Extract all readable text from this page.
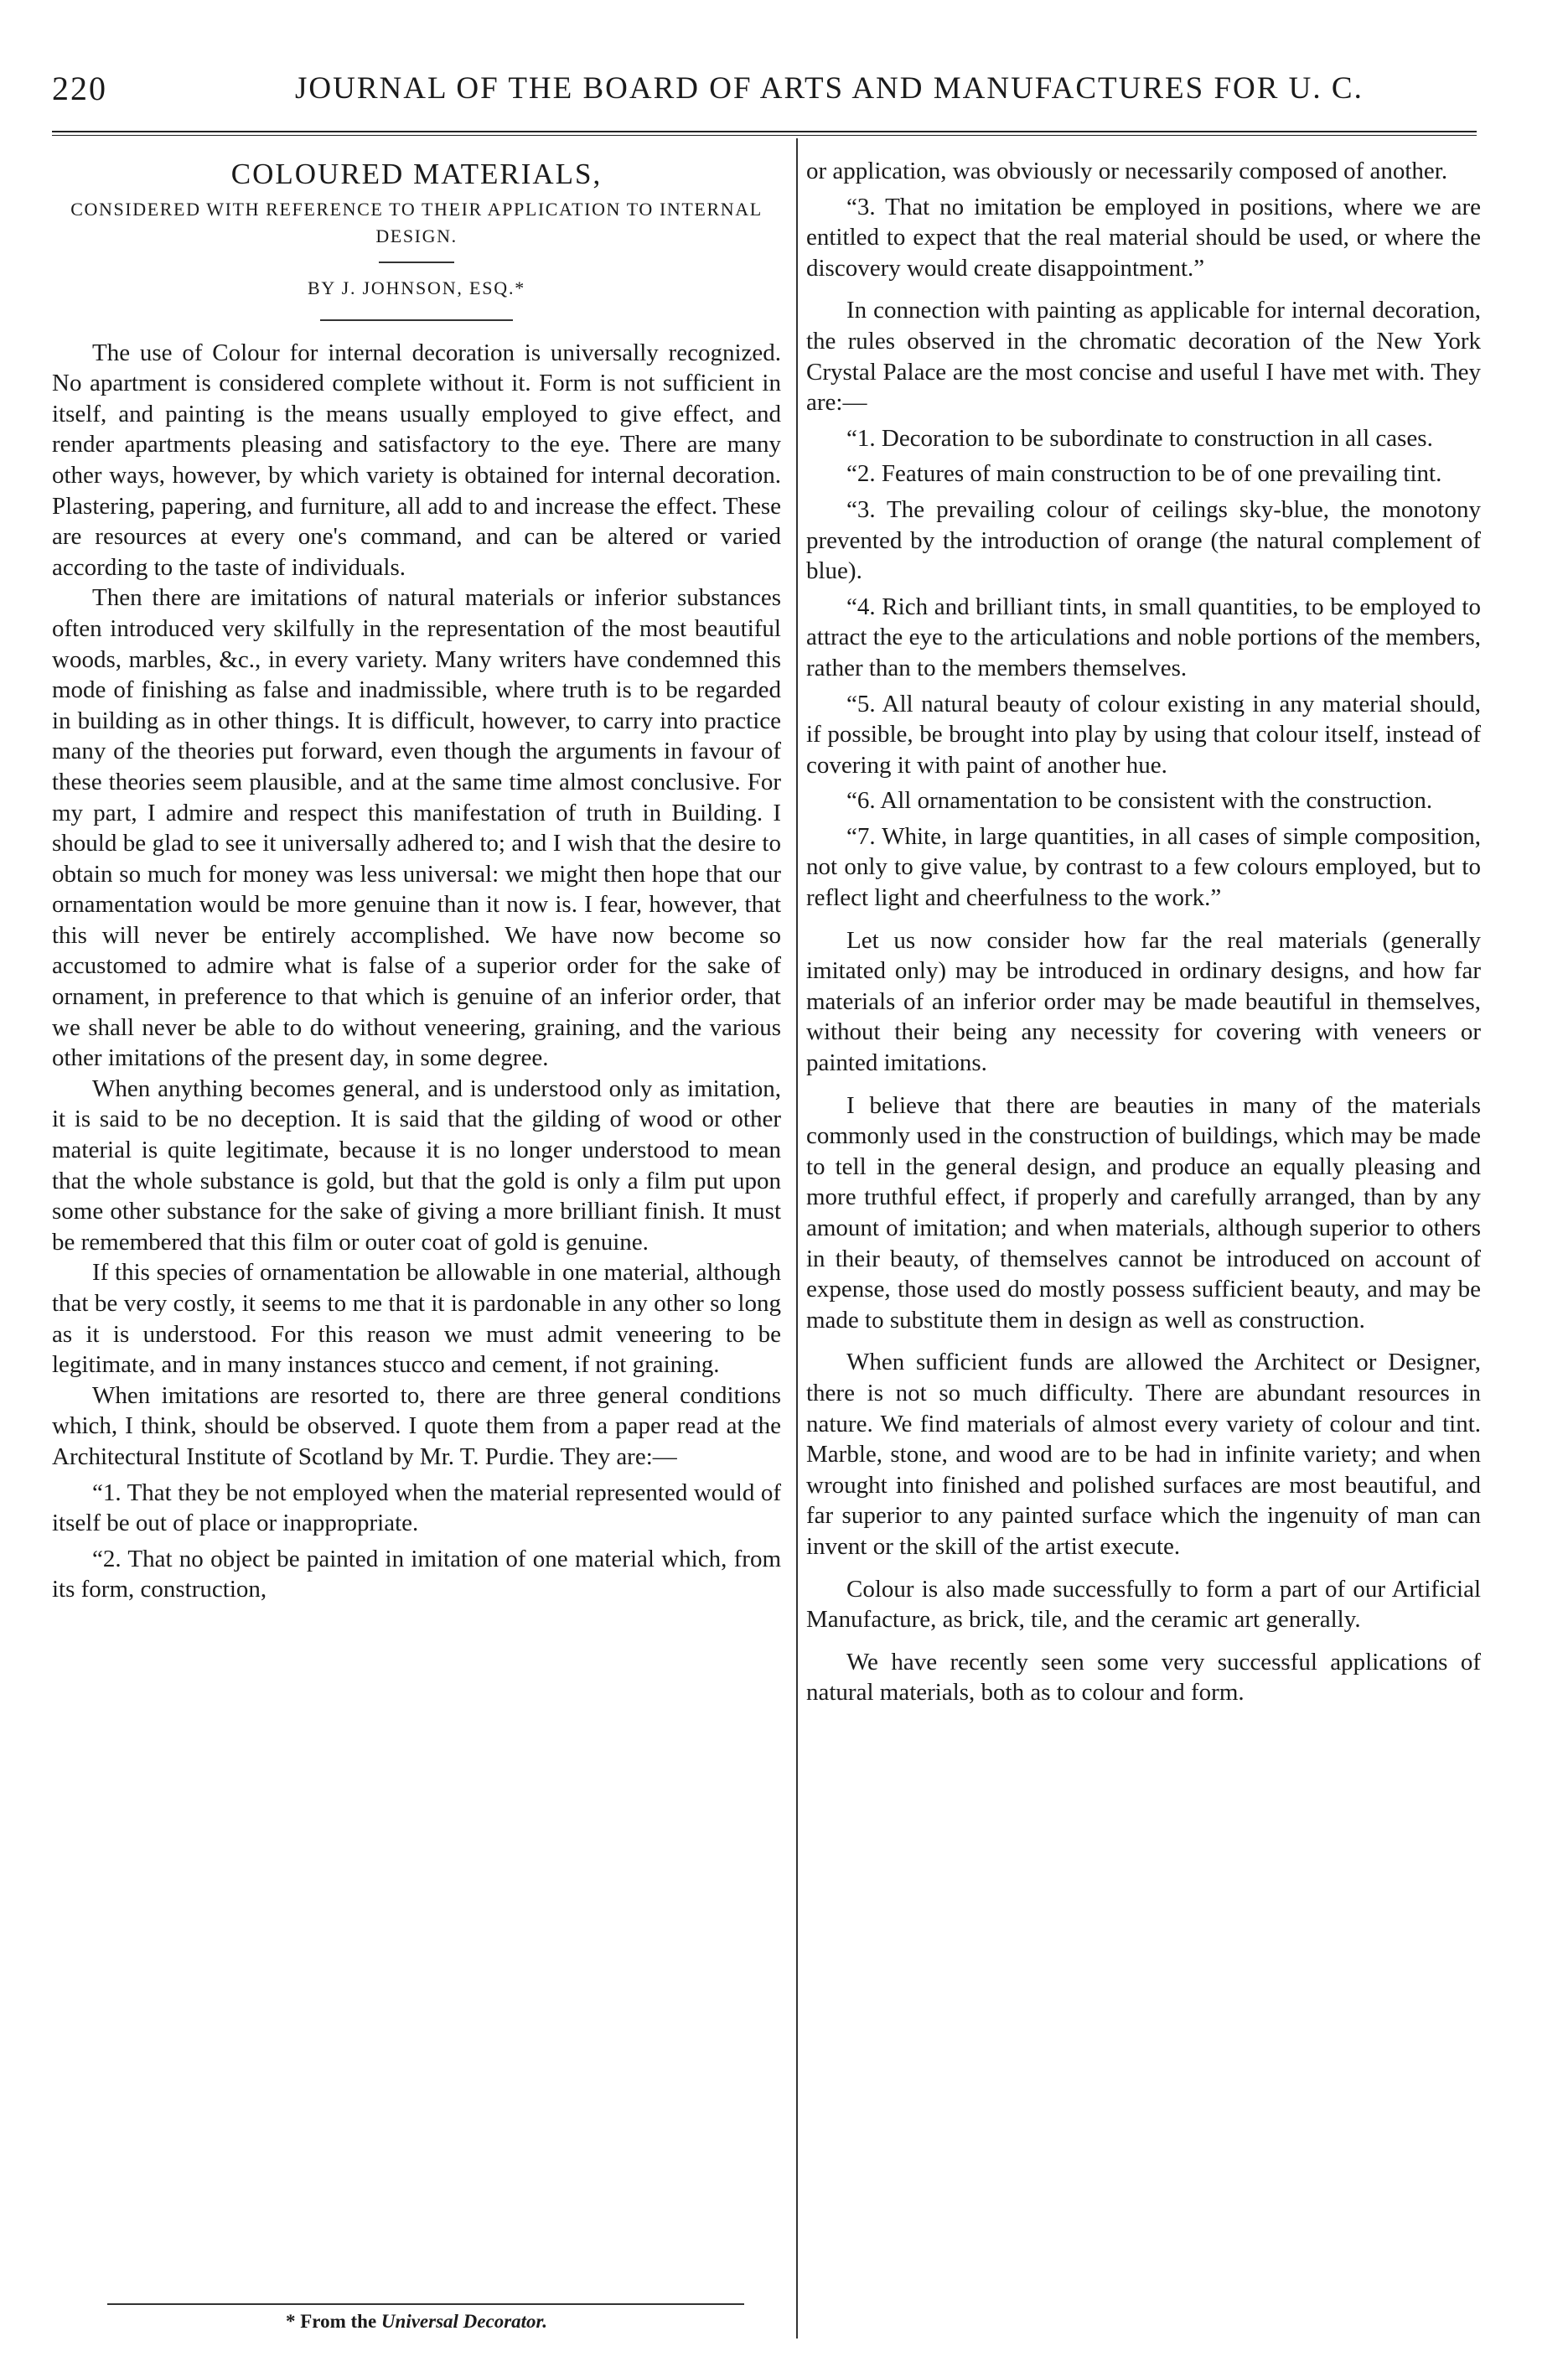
220	JOURNAL OF THE BOARD OF ARTS AND MANUFACTURES FOR U. C.
COLOURED MATERIALS,
CONSIDERED WITH REFERENCE TO THEIR APPLICATION TO INTERNAL DESIGN.
BY J. JOHNSON, ESQ.*

The use of Colour for internal decoration is universally recognized. No apartment is considered complete without it. Form is not sufficient in itself, and painting is the means usually employed to give effect, and render apartments pleasing and satisfactory to the eye. There are many other ways, however, by which variety is obtained for internal decoration. Plastering, papering, and furniture, all add to and increase the effect. These are resources at every one's command, and can be altered or varied according to the taste of individuals.

Then there are imitations of natural materials or inferior substances often introduced very skilfully in the representation of the most beautiful woods, marbles, &c., in every variety. Many writers have condemned this mode of finishing as false and inadmissible, where truth is to be regarded in building as in other things. It is difficult, however, to carry into practice many of the theories put forward, even though the arguments in favour of these theories seem plausible, and at the same time almost conclusive. For my part, I admire and respect this manifestation of truth in Building. I should be glad to see it universally adhered to; and I wish that the desire to obtain so much for money was less universal: we might then hope that our ornamentation would be more genuine than it now is. I fear, however, that this will never be entirely accomplished. We have now become so accustomed to admire what is false of a superior order for the sake of ornament, in preference to that which is genuine of an inferior order, that we shall never be able to do without veneering, graining, and the various other imitations of the present day, in some degree.

When anything becomes general, and is understood only as imitation, it is said to be no deception. It is said that the gilding of wood or other material is quite legitimate, because it is no longer understood to mean that the whole substance is gold, but that the gold is only a film put upon some other substance for the sake of giving a more brilliant finish. It must be remembered that this film or outer coat of gold is genuine.

If this species of ornamentation be allowable in one material, although that be very costly, it seems to me that it is pardonable in any other so long as it is understood. For this reason we must admit veneering to be legitimate, and in many instances stucco and cement, if not graining.

When imitations are resorted to, there are three general conditions which, I think, should be observed. I quote them from a paper read at the Architectural Institute of Scotland by Mr. T. Purdie. They are:—

“1. That they be not employed when the material represented would of itself be out of place or inappropriate.

“2. That no object be painted in imitation of one material which, from its form, construction,

or application, was obviously or necessarily composed of another.

“3. That no imitation be employed in positions, where we are entitled to expect that the real material should be used, or where the discovery would create disappointment.”

In connection with painting as applicable for internal decoration, the rules observed in the chromatic decoration of the New York Crystal Palace are the most concise and useful I have met with. They are:—

“1. Decoration to be subordinate to construction in all cases.

“2. Features of main construction to be of one prevailing tint.

“3. The prevailing colour of ceilings sky-blue, the monotony prevented by the introduction of orange (the natural complement of blue).

“4. Rich and brilliant tints, in small quantities, to be employed to attract the eye to the articulations and noble portions of the members, rather than to the members themselves.

“5. All natural beauty of colour existing in any material should, if possible, be brought into play by using that colour itself, instead of covering it with paint of another hue.

“6. All ornamentation to be consistent with the construction.

“7. White, in large quantities, in all cases of simple composition, not only to give value, by contrast to a few colours employed, but to reflect light and cheerfulness to the work.”

Let us now consider how far the real materials (generally imitated only) may be introduced in ordinary designs, and how far materials of an inferior order may be made beautiful in themselves, without their being any necessity for covering with veneers or painted imitations.

I believe that there are beauties in many of the materials commonly used in the construction of buildings, which may be made to tell in the general design, and produce an equally pleasing and more truthful effect, if properly and carefully arranged, than by any amount of imitation; and when materials, although superior to others in their beauty, of themselves cannot be introduced on account of expense, those used do mostly possess sufficient beauty, and may be made to substitute them in design as well as construction.

When sufficient funds are allowed the Architect or Designer, there is not so much difficulty. There are abundant resources in nature. We find materials of almost every variety of colour and tint. Marble, stone, and wood are to be had in infinite variety; and when wrought into finished and polished surfaces are most beautiful, and far superior to any painted surface which the ingenuity of man can invent or the skill of the artist execute.

Colour is also made successfully to form a part of our Artificial Manufacture, as brick, tile, and the ceramic art generally.

We have recently seen some very successful applications of natural materials, both as to colour and form.

* From the Universal Decorator.
